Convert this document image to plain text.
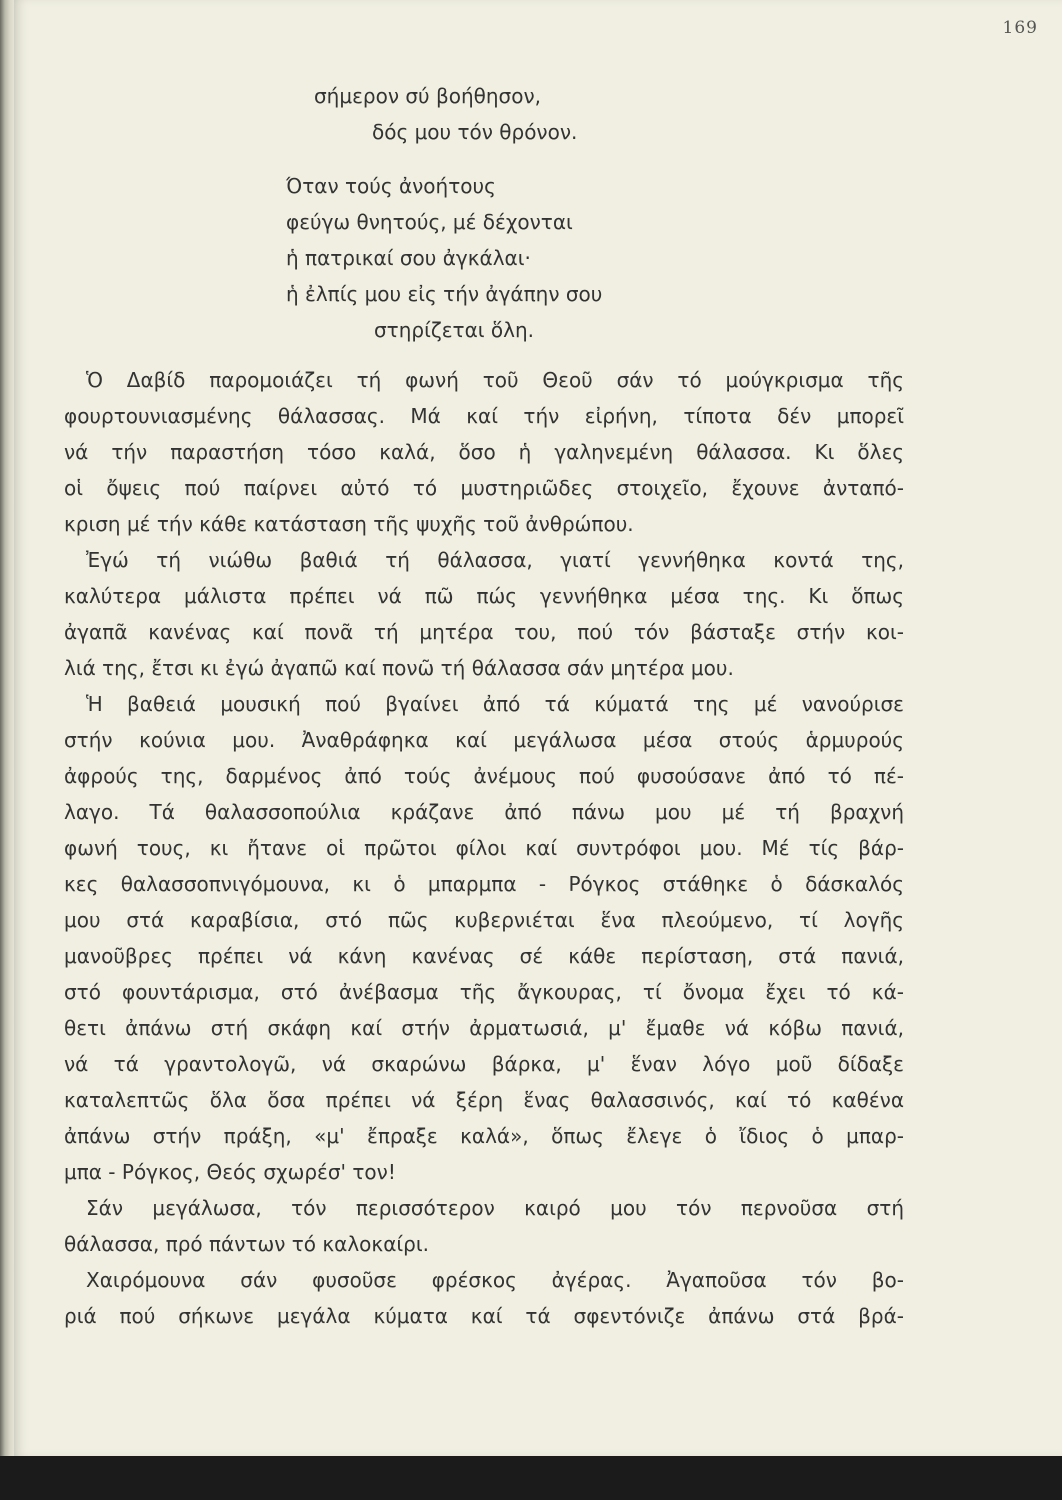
169
σήμερον σύ βοήθησον,
δός μου τόν θρόνον.
Όταν τούς ἀνοήτους
φεύγω θνητούς, μέ δέχονται
ἡ πατρικαί σου ἀγκάλαι·
ἡ ἐλπίς μου εἰς τήν ἀγάπην σου
στηρίζεται ὅλη.
Ὁ Δαβίδ παρομοιάζει τή φωνή τοῦ Θεοῦ σάν τό μούγκρισμα τῆς
φουρτουνιασμένης θάλασσας. Μά καί τήν εἰρήνη, τίποτα δέν μπορεῖ
νά τήν παραστήση τόσο καλά, ὅσο ἡ γαληνεμένη θάλασσα. Κι ὅλες
οἱ ὄψεις πού παίρνει αὐτό τό μυστηριῶδες στοιχεῖο, ἔχουνε ἀνταπό-
κριση μέ τήν κάθε κατάσταση τῆς ψυχῆς τοῦ ἀνθρώπου.
Ἐγώ τή νιώθω βαθιά τή θάλασσα, γιατί γεννήθηκα κοντά της,
καλύτερα μάλιστα πρέπει νά πῶ πώς γεννήθηκα μέσα της. Κι ὅπως
ἀγαπᾶ κανένας καί πονᾶ τή μητέρα του, πού τόν βάσταξε στήν κοι-
λιά της, ἔτσι κι ἐγώ ἀγαπῶ καί πονῶ τή θάλασσα σάν μητέρα μου.
Ἡ βαθειά μουσική πού βγαίνει ἀπό τά κύματά της μέ νανούρισε
στήν κούνια μου. Ἀναθράφηκα καί μεγάλωσα μέσα στούς ἁρμυρούς
ἀφρούς της, δαρμένος ἀπό τούς ἀνέμους πού φυσούσανε ἀπό τό πέ-
λαγο. Τά θαλασσοπούλια κράζανε ἀπό πάνω μου μέ τή βραχνή
φωνή τους, κι ἤτανε οἱ πρῶτοι φίλοι καί συντρόφοι μου. Μέ τίς βάρ-
κες θαλασσοπνιγόμουνα, κι ὁ μπαρμπα - Ρόγκος στάθηκε ὁ δάσκαλός
μου στά καραβίσια, στό πῶς κυβερνιέται ἕνα πλεούμενο, τί λογῆς
μανοῦβρες πρέπει νά κάνη κανένας σέ κάθε περίσταση, στά πανιά,
στό φουντάρισμα, στό ἀνέβασμα τῆς ἄγκουρας, τί ὄνομα ἔχει τό κά-
θετι ἀπάνω στή σκάφη καί στήν ἀρματωσιά, μ' ἔμαθε νά κόβω πανιά,
νά τά γραντολογῶ, νά σκαρώνω βάρκα, μ' ἕναν λόγο μοῦ δίδαξε
καταλεπτῶς ὅλα ὅσα πρέπει νά ξέρη ἕνας θαλασσινός, καί τό καθένα
ἀπάνω στήν πράξη, «μ' ἔπραξε καλά», ὅπως ἔλεγε ὁ ἴδιος ὁ μπαρ-
μπα - Ρόγκος, Θεός σχωρέσ' τον!
Σάν μεγάλωσα, τόν περισσότερον καιρό μου τόν περνοῦσα στή
θάλασσα, πρό πάντων τό καλοκαίρι.
Χαιρόμουνα σάν φυσοῦσε φρέσκος ἀγέρας. Ἀγαποῦσα τόν βο-
ριά πού σήκωνε μεγάλα κύματα καί τά σφεντόνιζε ἀπάνω στά βρά-
